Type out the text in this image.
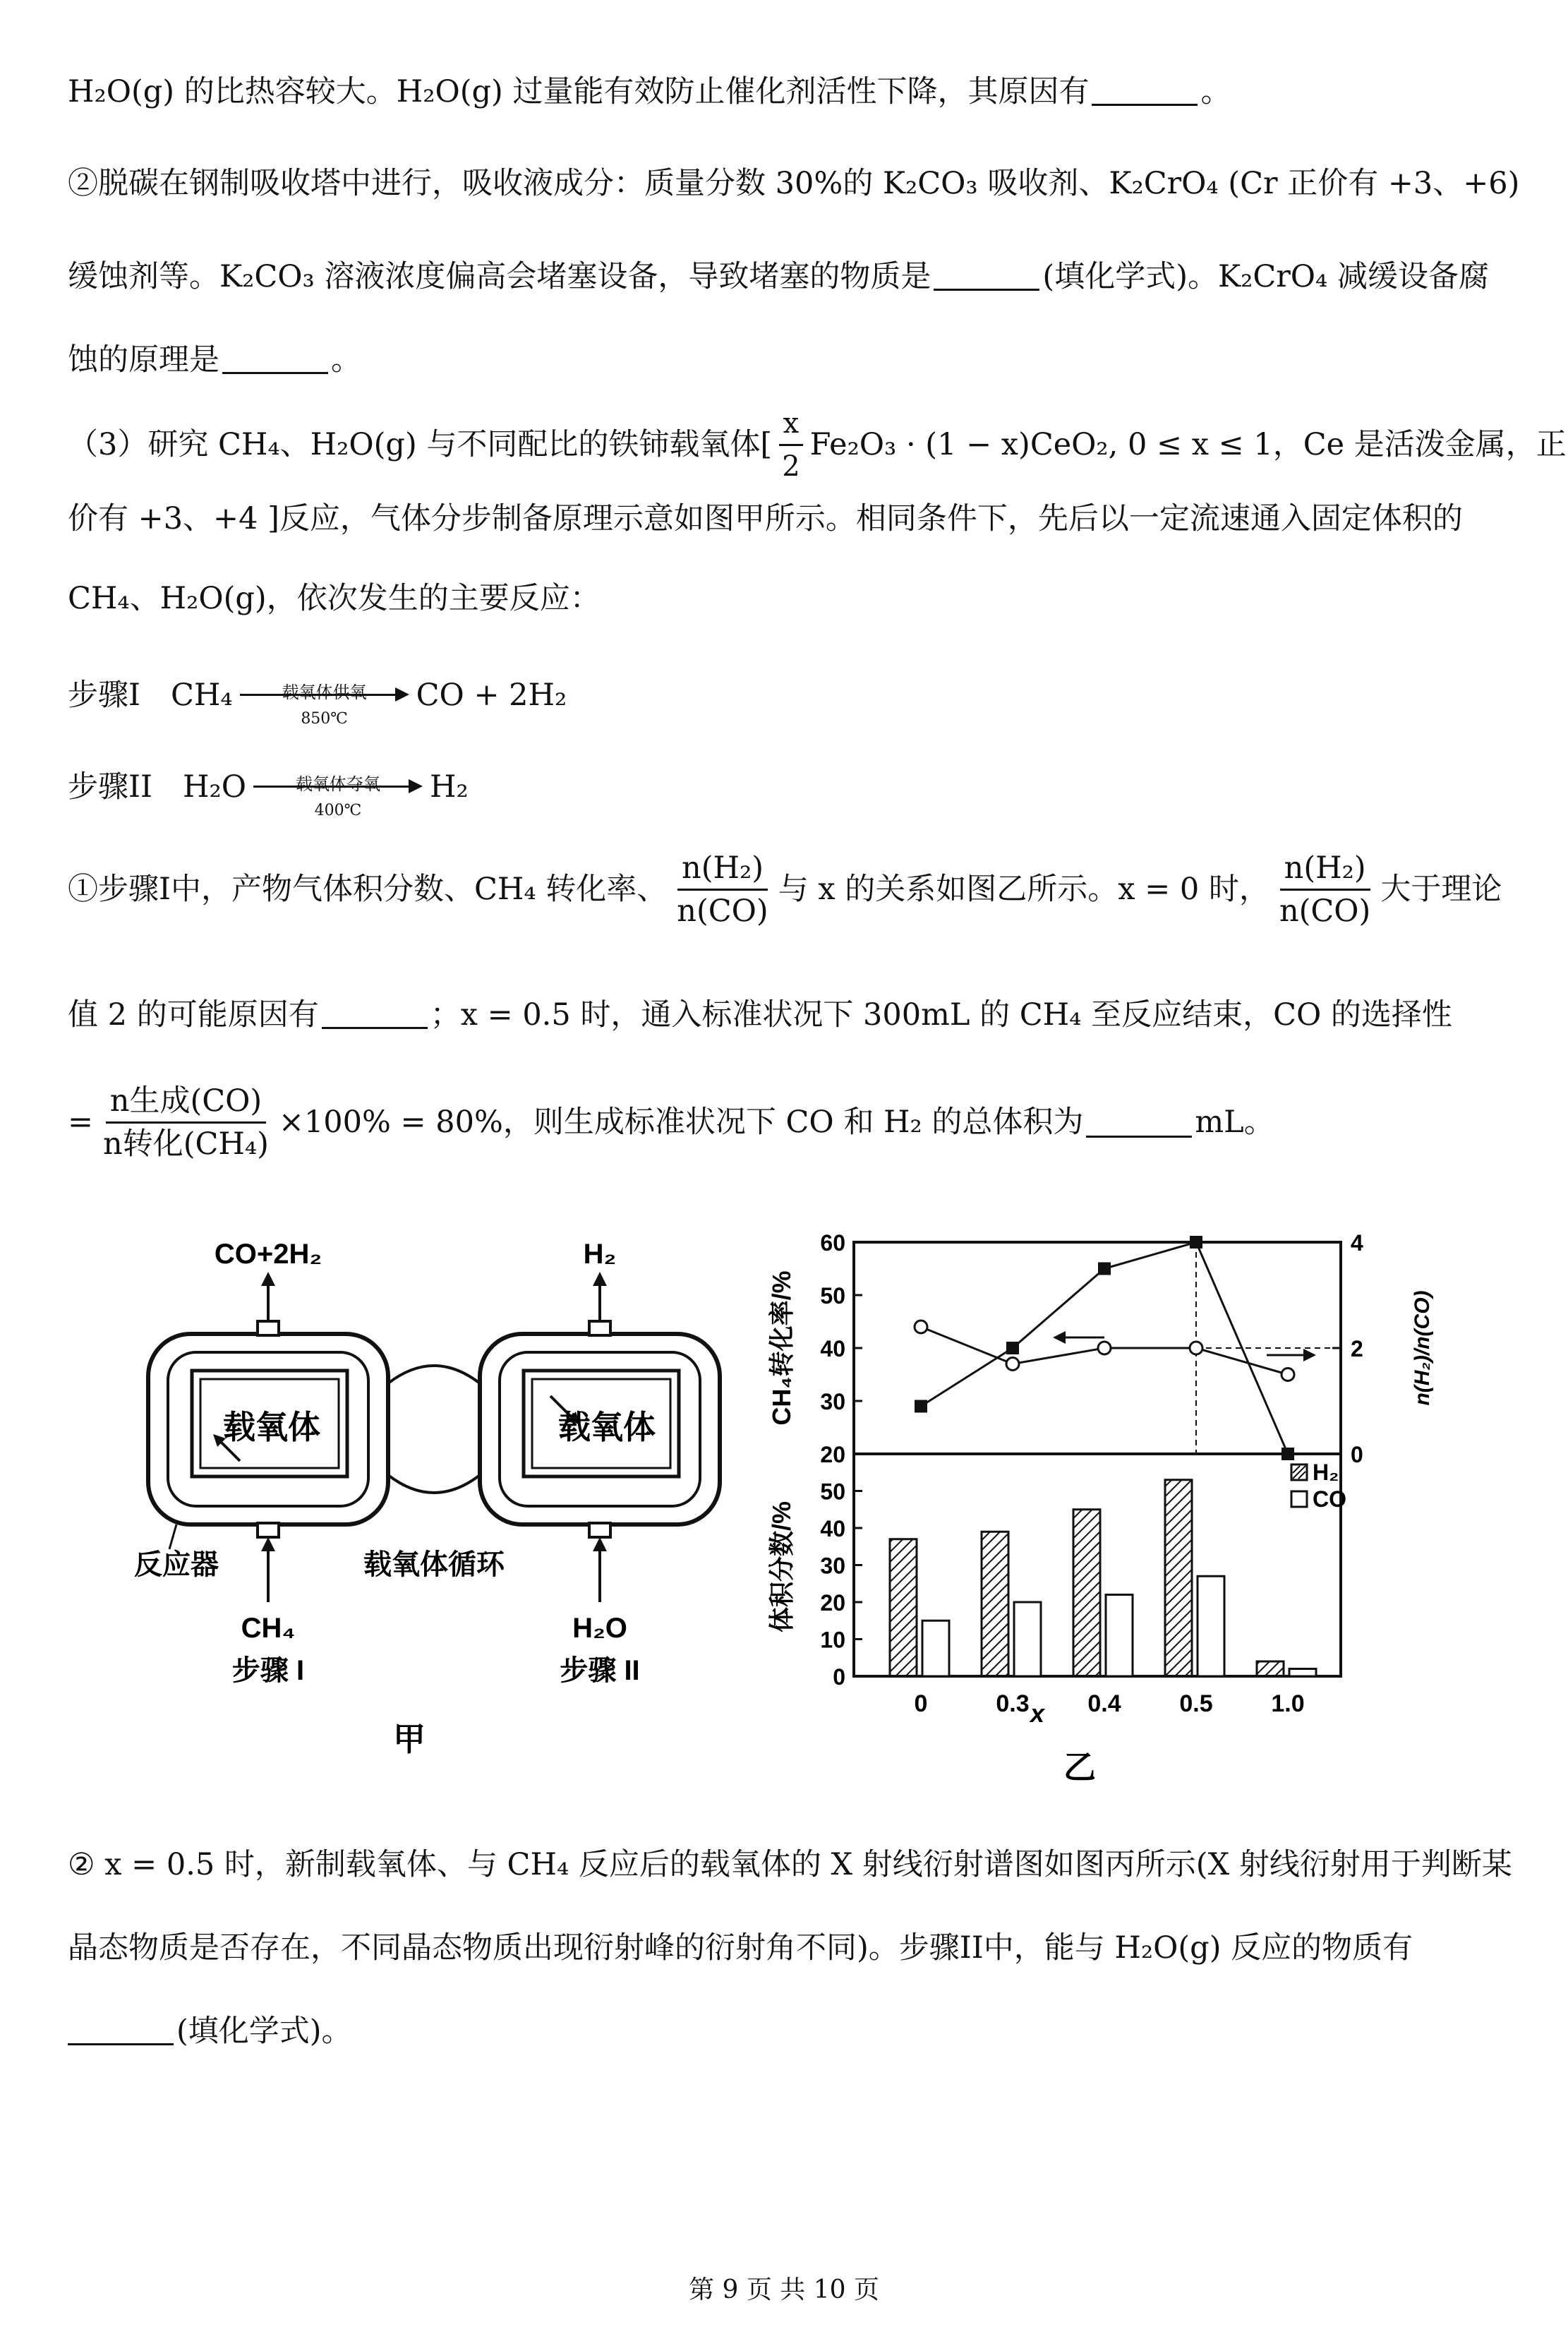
H₂O(g) 的比热容较大。H₂O(g) 过量能有效防止催化剂活性下降，其原因有	。
②脱碳在钢制吸收塔中进行，吸收液成分：质量分数 30%的 K₂CO₃ 吸收剂、K₂CrO₄ (Cr 正价有 +3、+6)
缓蚀剂等。K₂CO₃ 溶液浓度偏高会堵塞设备，导致堵塞的物质是	(填化学式)。K₂CrO₄ 减缓设备腐
蚀的原理是	。
（3）研究 CH₄、H₂O(g) 与不同配比的铁铈载氧体[ $\frac{x}{2} Fe_2O_3 \cdot (1 - x)CeO_2$, 0 ≤ x ≤ 1，Ce 是活泼金属，正
价有 +3、+4 ]反应，气体分步制备原理示意如图甲所示。相同条件下，先后以一定流速通入固定体积的
CH₄、H₂O(g)，依次发生的主要反应：
步骤I　CH₄	载氧体供氧
850℃
CO + 2H₂
步骤II　H₂O	载氧体夺氧
400℃
H₂
①步骤I中，产物气体积分数、CH₄ 转化率、 $\frac{\text{n(H₂)}}{n(CO)}$ 与 x 的关系如图乙所示。x = 0 时， $\frac{\text{n(H₂)}}{n(CO)}$ 大于理论
值 2 的可能原因有	；x = 0.5 时，通入标准状况下 300mL 的 CH₄ 至反应结束，CO 的选择性
= $\frac{\text{n生成(CO)}}{\text{n转化(CH₄)}} \times 100\% = 80\%$，则生成标准状况下 CO 和 H₂ 的总体积为	mL。
CO+2H₂	H₂
载氧体	载氧体
反应器	载氧体循环
CH₄	H₂O
步骤 I	步骤 II
甲
20
30
40
50
60
0
2
4
0
10
20
30
40
50
0	0.3 0.4 0.5 1.0
x
乙
CH₄转化率/%	n(H₂)/n(CO)
体积分数/%
H₂
CO
② x = 0.5 时，新制载氧体、与 CH₄ 反应后的载氧体的 X 射线衍射谱图如图丙所示(X 射线衍射用于判断某
晶态物质是否存在，不同晶态物质出现衍射峰的衍射角不同)。步骤II中，能与 H₂O(g) 反应的物质有
(填化学式)。
第 9 页 共 10 页
